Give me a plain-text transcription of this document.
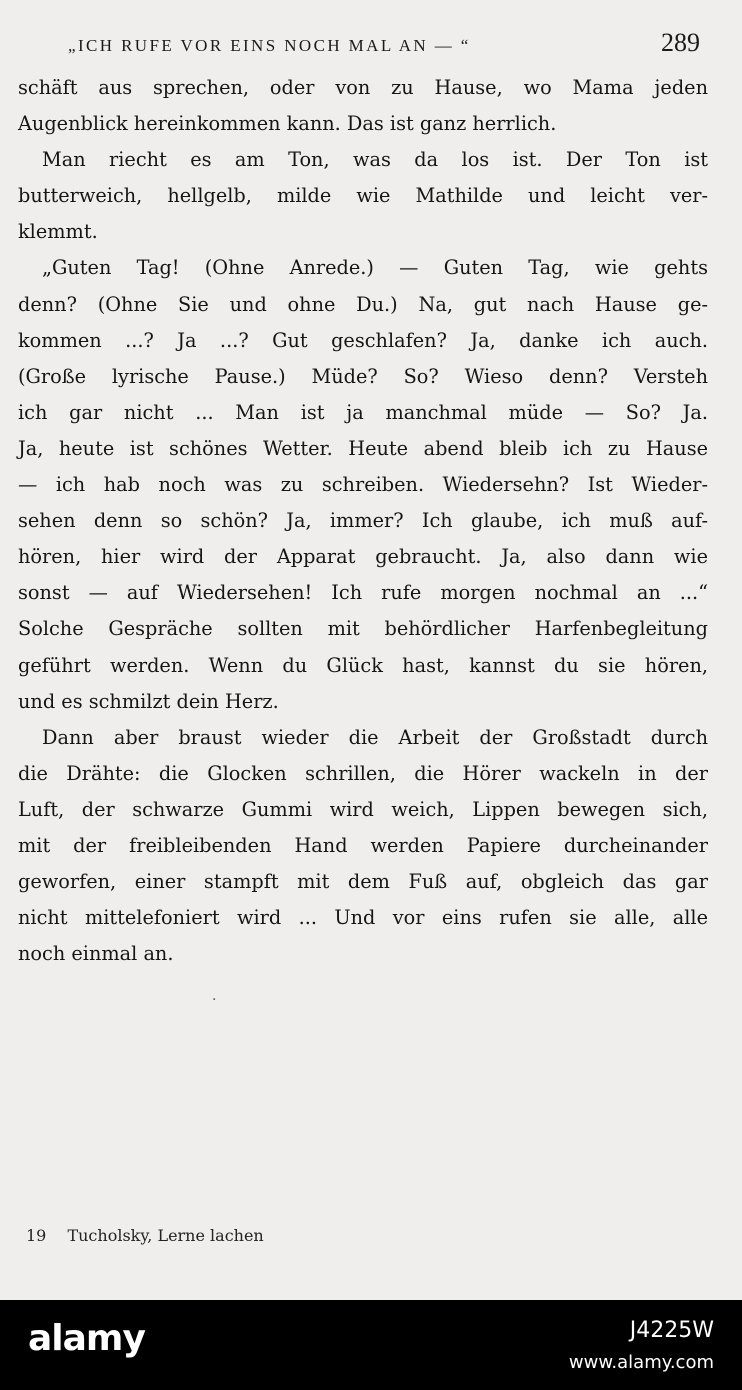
„ICH RUFE VOR EINS NOCH MAL AN — “	289
schäft aus sprechen, oder von zu Hause, wo Mama jeden
Augenblick hereinkommen kann. Das ist ganz herrlich.
Man riecht es am Ton, was da los ist. Der Ton ist
butterweich, hellgelb, milde wie Mathilde und leicht ver-
klemmt.
„Guten Tag! (Ohne Anrede.) — Guten Tag, wie gehts
denn? (Ohne Sie und ohne Du.) Na, gut nach Hause ge-
kommen ...? Ja ...? Gut geschlafen? Ja, danke ich auch.
(Große lyrische Pause.) Müde? So? Wieso denn? Versteh
ich gar nicht ... Man ist ja manchmal müde — So? Ja.
Ja, heute ist schönes Wetter. Heute abend bleib ich zu Hause
— ich hab noch was zu schreiben. Wiedersehn? Ist Wieder-
sehen denn so schön? Ja, immer? Ich glaube, ich muß auf-
hören, hier wird der Apparat gebraucht. Ja, also dann wie
sonst — auf Wiedersehen! Ich rufe morgen nochmal an ...“
Solche Gespräche sollten mit behördlicher Harfenbegleitung
geführt werden. Wenn du Glück hast, kannst du sie hören,
und es schmilzt dein Herz.
Dann aber braust wieder die Arbeit der Großstadt durch
die Drähte: die Glocken schrillen, die Hörer wackeln in der
Luft, der schwarze Gummi wird weich, Lippen bewegen sich,
mit der freibleibenden Hand werden Papiere durcheinander
geworfen, einer stampft mit dem Fuß auf, obgleich das gar
nicht mittelefoniert wird ... Und vor eins rufen sie alle, alle
noch einmal an.
·
19 Tucholsky, Lerne lachen
alamy	J4225W
www.alamy.com
